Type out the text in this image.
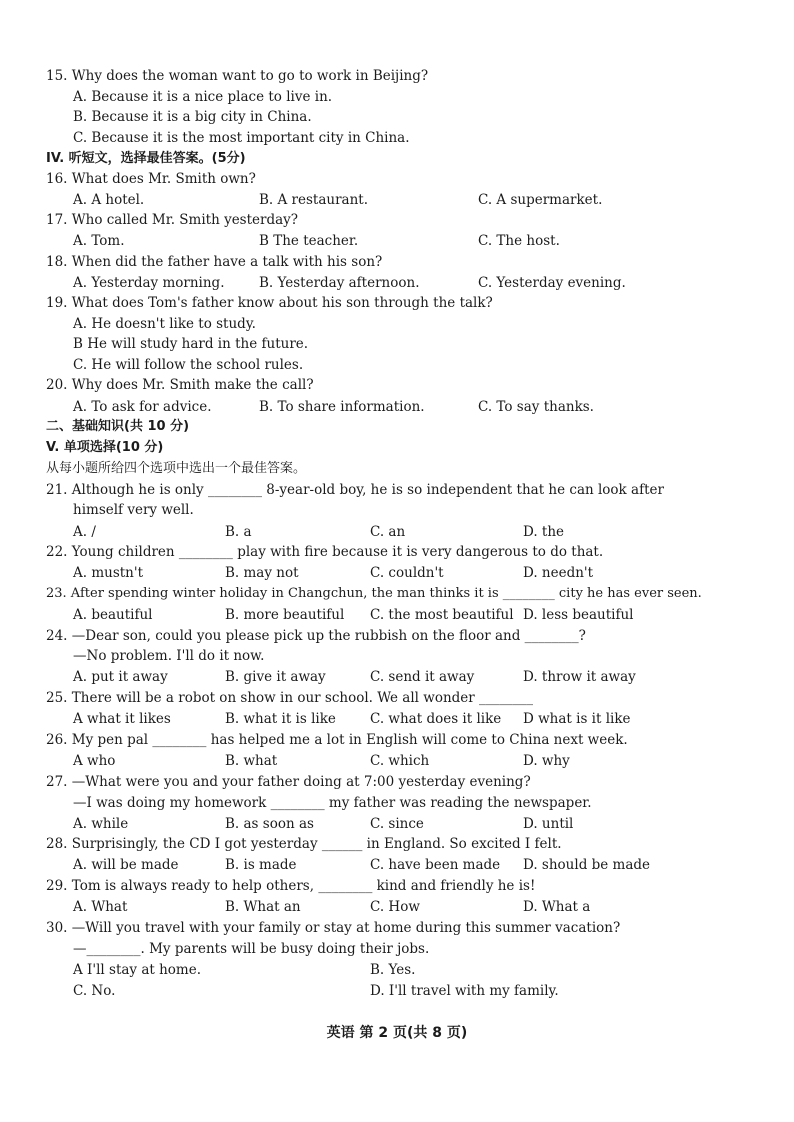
15. Why does the woman want to go to work in Beijing?
A. Because it is a nice place to live in.
B. Because it is a big city in China.
C. Because it is the most important city in China.
IV. 听短文，选择最佳答案。(5分)
16. What does Mr. Smith own?
A. A hotel.	B. A restaurant.	C. A supermarket.
17. Who called Mr. Smith yesterday?
A. Tom.	B The teacher.	C. The host.
18. When did the father have a talk with his son?
A. Yesterday morning.	B. Yesterday afternoon.	C. Yesterday evening.
19. What does Tom's father know about his son through the talk?
A. He doesn't like to study.
B He will study hard in the future.
C. He will follow the school rules.
20. Why does Mr. Smith make the call?
A. To ask for advice.	B. To share information.	C. To say thanks.
二、基础知识(共 10 分)
V. 单项选择(10 分)
从每小题所给四个选项中选出一个最佳答案。
21. Although he is only ________ 8-year-old boy, he is so independent that he can look after
himself very well.
A. /	B. a	C. an	D. the
22. Young children ________ play with fire because it is very dangerous to do that.
A. mustn't	B. may not	C. couldn't	D. needn't
23. After spending winter holiday in Changchun, the man thinks it is ________ city he has ever seen.
A. beautiful	B. more beautiful C. the most beautiful D. less beautiful
24. —Dear son, could you please pick up the rubbish on the floor and ________?
—No problem. I'll do it now.
A. put it away	B. give it away	C. send it away	D. throw it away
25. There will be a robot on show in our school. We all wonder ________
A what it likes	B. what it is like	C. what does it like D what is it like
26. My pen pal ________ has helped me a lot in English will come to China next week.
A who	B. what	C. which	D. why
27. —What were you and your father doing at 7:00 yesterday evening?
—I was doing my homework ________ my father was reading the newspaper.
A. while	B. as soon as	C. since	D. until
28. Surprisingly, the CD I got yesterday ______ in England. So excited I felt.
A. will be made	B. is made	C. have been made D. should be made
29. Tom is always ready to help others, ________ kind and friendly he is!
A. What	B. What an	C. How	D. What a
30. —Will you travel with your family or stay at home during this summer vacation?
—________. My parents will be busy doing their jobs.
A I'll stay at home.	B. Yes.
C. No.	D. I'll travel with my family.
英语 第 2 页(共 8 页)
